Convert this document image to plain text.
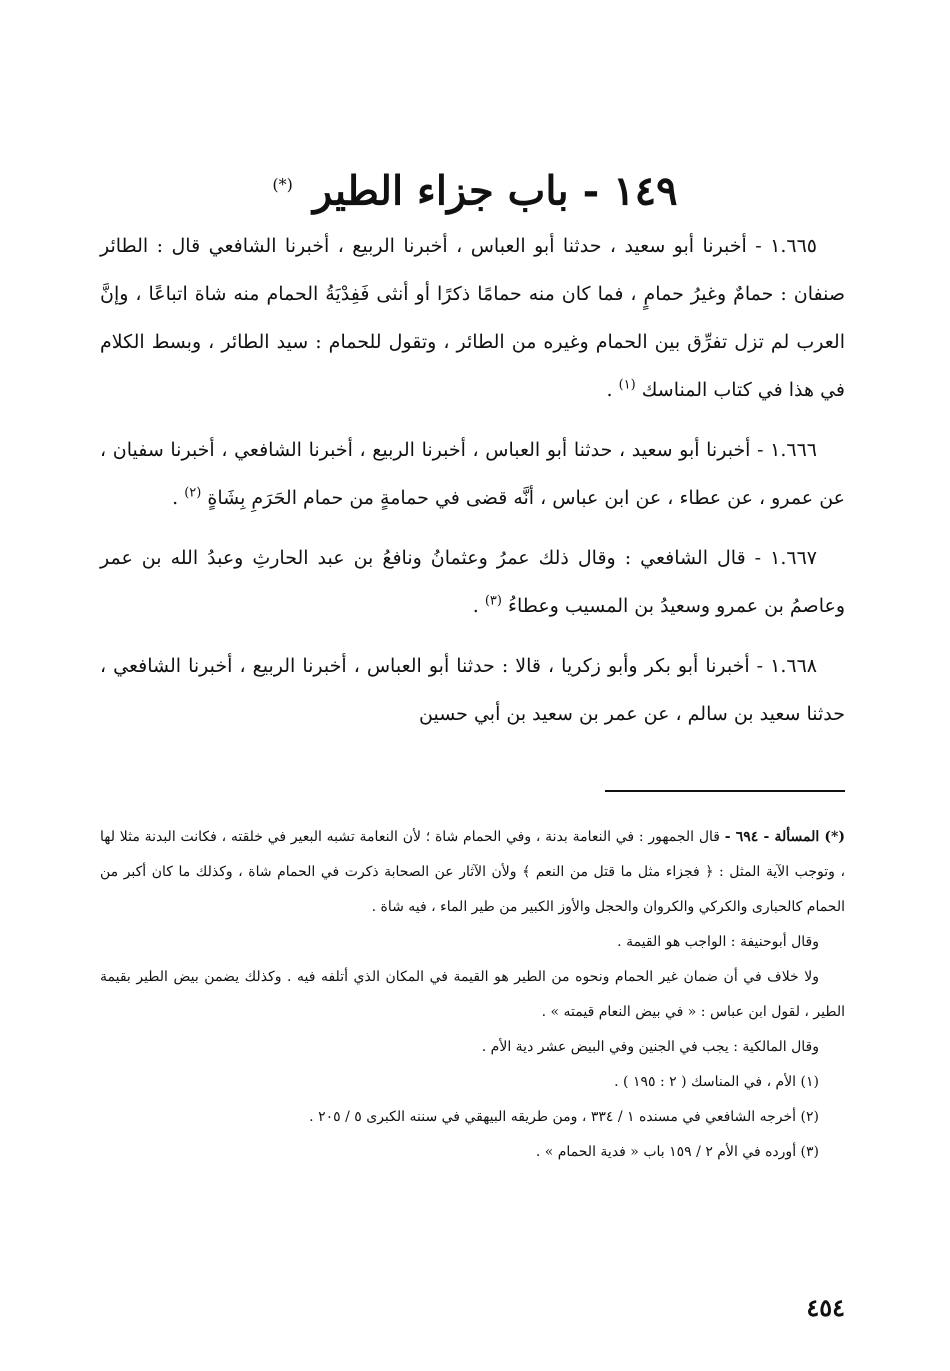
١٤٩ - باب جزاء الطير (*)

١.٦٦٥ - أخبرنا أبو سعيد ، حدثنا أبو العباس ، أخبرنا الربيع ، أخبرنا الشافعي قال : الطائر صنفان : حمامٌ وغيرُ حمامٍ ، فما كان منه حمامًا ذكرًا أو أنثى فَفِدْيَةُ الحمام منه شاة اتباعًا ، وإنَّ العرب لم تزل تفرِّق بين الحمام وغيره من الطائر ، وتقول للحمام : سيد الطائر ، وبسط الكلام في هذا في كتاب المناسك $^{(١)}$ .

١.٦٦٦ - أخبرنا أبو سعيد ، حدثنا أبو العباس ، أخبرنا الربيع ، أخبرنا الشافعي ، أخبرنا سفيان ، عن عمرو ، عن عطاء ، عن ابن عباس ، أنَّه قضى في حمامةٍ من حمام الحَرَمِ بِشَاةٍ $^{(٢)}$ .

١.٦٦٧ - قال الشافعي : وقال ذلك عمرُ وعثمانُ ونافعُ بن عبد الحارثِ وعبدُ الله بن عمر وعاصمُ بن عمرو وسعيدُ بن المسيب وعطاءُ $^{(٣)}$ .

١.٦٦٨ - أخبرنا أبو بكر وأبو زكريا ، قالا : حدثنا أبو العباس ، أخبرنا الربيع ، أخبرنا الشافعي ، حدثنا سعيد بن سالم ، عن عمر بن سعيد بن أبي حسين

(*) المسألة - ٦٩٤ - قال الجمهور : في النعامة بدنة ، وفي الحمام شاة ؛ لأن النعامة تشبه البعير في خلقته ، فكانت البدنة مثلا لها ، وتوجب الآية المثل : ﴿ فجزاء مثل ما قتل من النعم ﴾ ولأن الآثار عن الصحابة ذكرت في الحمام شاة ، وكذلك ما كان أكبر من الحمام كالحبارى والكركي والكروان والحجل والأوز الكبير من طير الماء ، فيه شاة .

وقال أبوحنيفة : الواجب هو القيمة .

ولا خلاف في أن ضمان غير الحمام ونحوه من الطير هو القيمة في المكان الذي أتلفه فيه . وكذلك يضمن بيض الطير بقيمة الطير ، لقول ابن عباس : « في بيض النعام قيمته » .

وقال المالكية : يجب في الجنين وفي البيض عشر دية الأم .

(١) الأم ، في المناسك ( ٢ : ١٩٥ ) .

(٢) أخرجه الشافعي في مسنده ١ / ٣٣٤ ، ومن طريقه البيهقي في سننه الكبرى ٥ / ٢٠٥ .

(٣) أورده في الأم ٢ / ١٥٩ باب « فدية الحمام » .

٤٥٤
